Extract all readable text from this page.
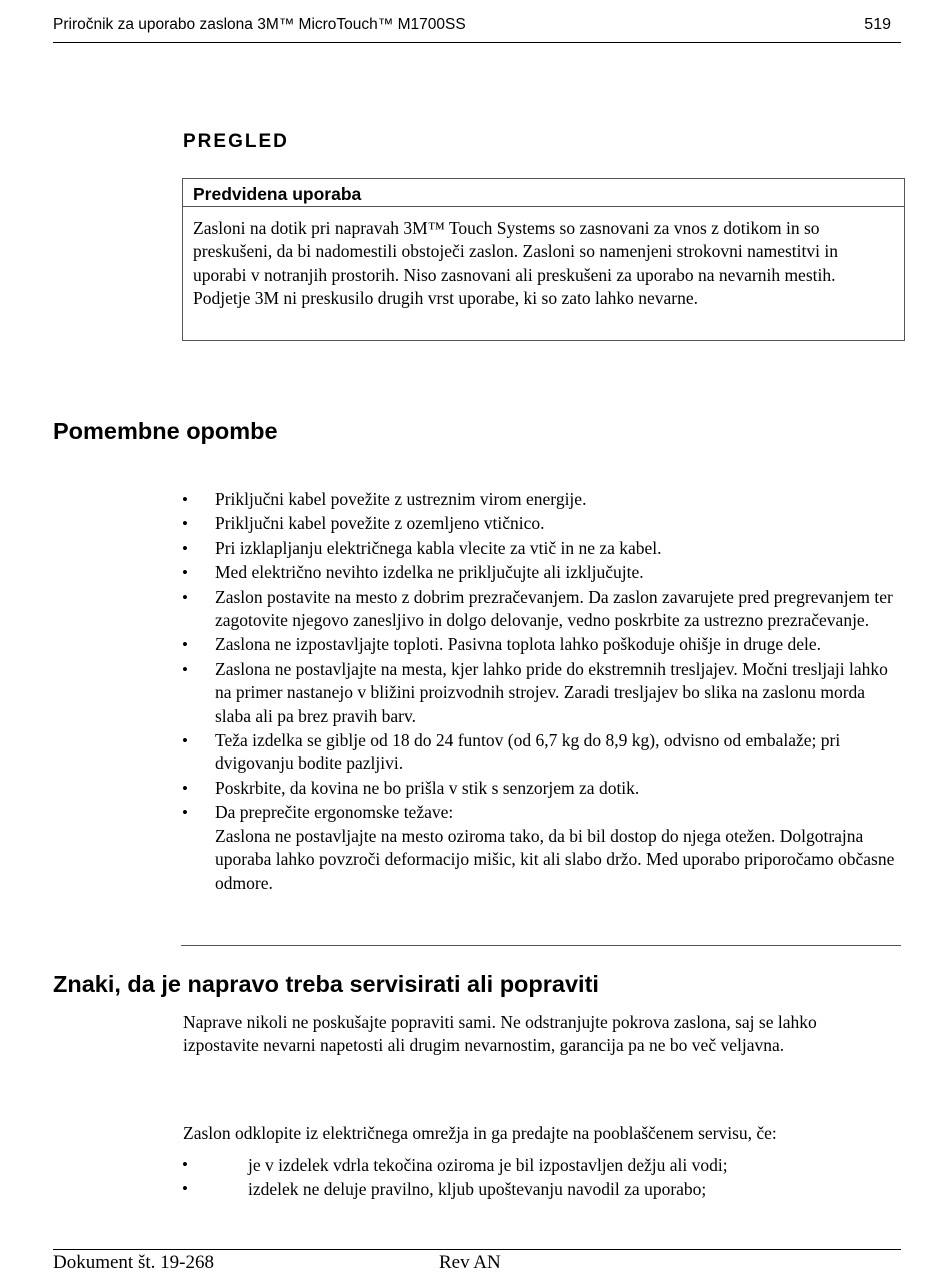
Priročnik za uporabo zaslona 3M™ MicroTouch™ M1700SS	519
PREGLED
Predvidena uporaba
Zasloni na dotik pri napravah 3M™ Touch Systems so zasnovani za vnos z dotikom in so preskušeni, da bi nadomestili obstoječi zaslon. Zasloni so namenjeni strokovni namestitvi in uporabi v notranjih prostorih. Niso zasnovani ali preskušeni za uporabo na nevarnih mestih. Podjetje 3M ni preskusilo drugih vrst uporabe, ki so zato lahko nevarne.
Pomembne opombe
• Priključni kabel povežite z ustreznim virom energije.
• Priključni kabel povežite z ozemljeno vtičnico.
• Pri izklapljanju električnega kabla vlecite za vtič in ne za kabel.
• Med električno nevihto izdelka ne priključujte ali izključujte.
• Zaslon postavite na mesto z dobrim prezračevanjem. Da zaslon zavarujete pred pregrevanjem ter zagotovite njegovo zanesljivo in dolgo delovanje, vedno poskrbite za ustrezno prezračevanje.
• Zaslona ne izpostavljajte toploti. Pasivna toplota lahko poškoduje ohišje in druge dele.
• Zaslona ne postavljajte na mesta, kjer lahko pride do ekstremnih tresljajev. Močni tresljaji lahko na primer nastanejo v bližini proizvodnih strojev. Zaradi tresljajev bo slika na zaslonu morda slaba ali pa brez pravih barv.
• Teža izdelka se giblje od 18 do 24 funtov (od 6,7 kg do 8,9 kg), odvisno od embalaže; pri dvigovanju bodite pazljivi.
• Poskrbite, da kovina ne bo prišla v stik s senzorjem za dotik.
• Da preprečite ergonomske težave:
Zaslona ne postavljajte na mesto oziroma tako, da bi bil dostop do njega otežen. Dolgotrajna uporaba lahko povzroči deformacijo mišic, kit ali slabo držo. Med uporabo priporočamo občasne odmore.
Znaki, da je napravo treba servisirati ali popraviti

Naprave nikoli ne poskušajte popraviti sami. Ne odstranjujte pokrova zaslona, saj se lahko izpostavite nevarni napetosti ali drugim nevarnostim, garancija pa ne bo več veljavna.

Zaslon odklopite iz električnega omrežja in ga predajte na pooblaščenem servisu, če:

•	je v izdelek vdrla tekočina oziroma je bil izpostavljen dežju ali vodi;
•	izdelek ne deluje pravilno, kljub upoštevanju navodil za uporabo;
Dokument št. 19-268	Rev AN
